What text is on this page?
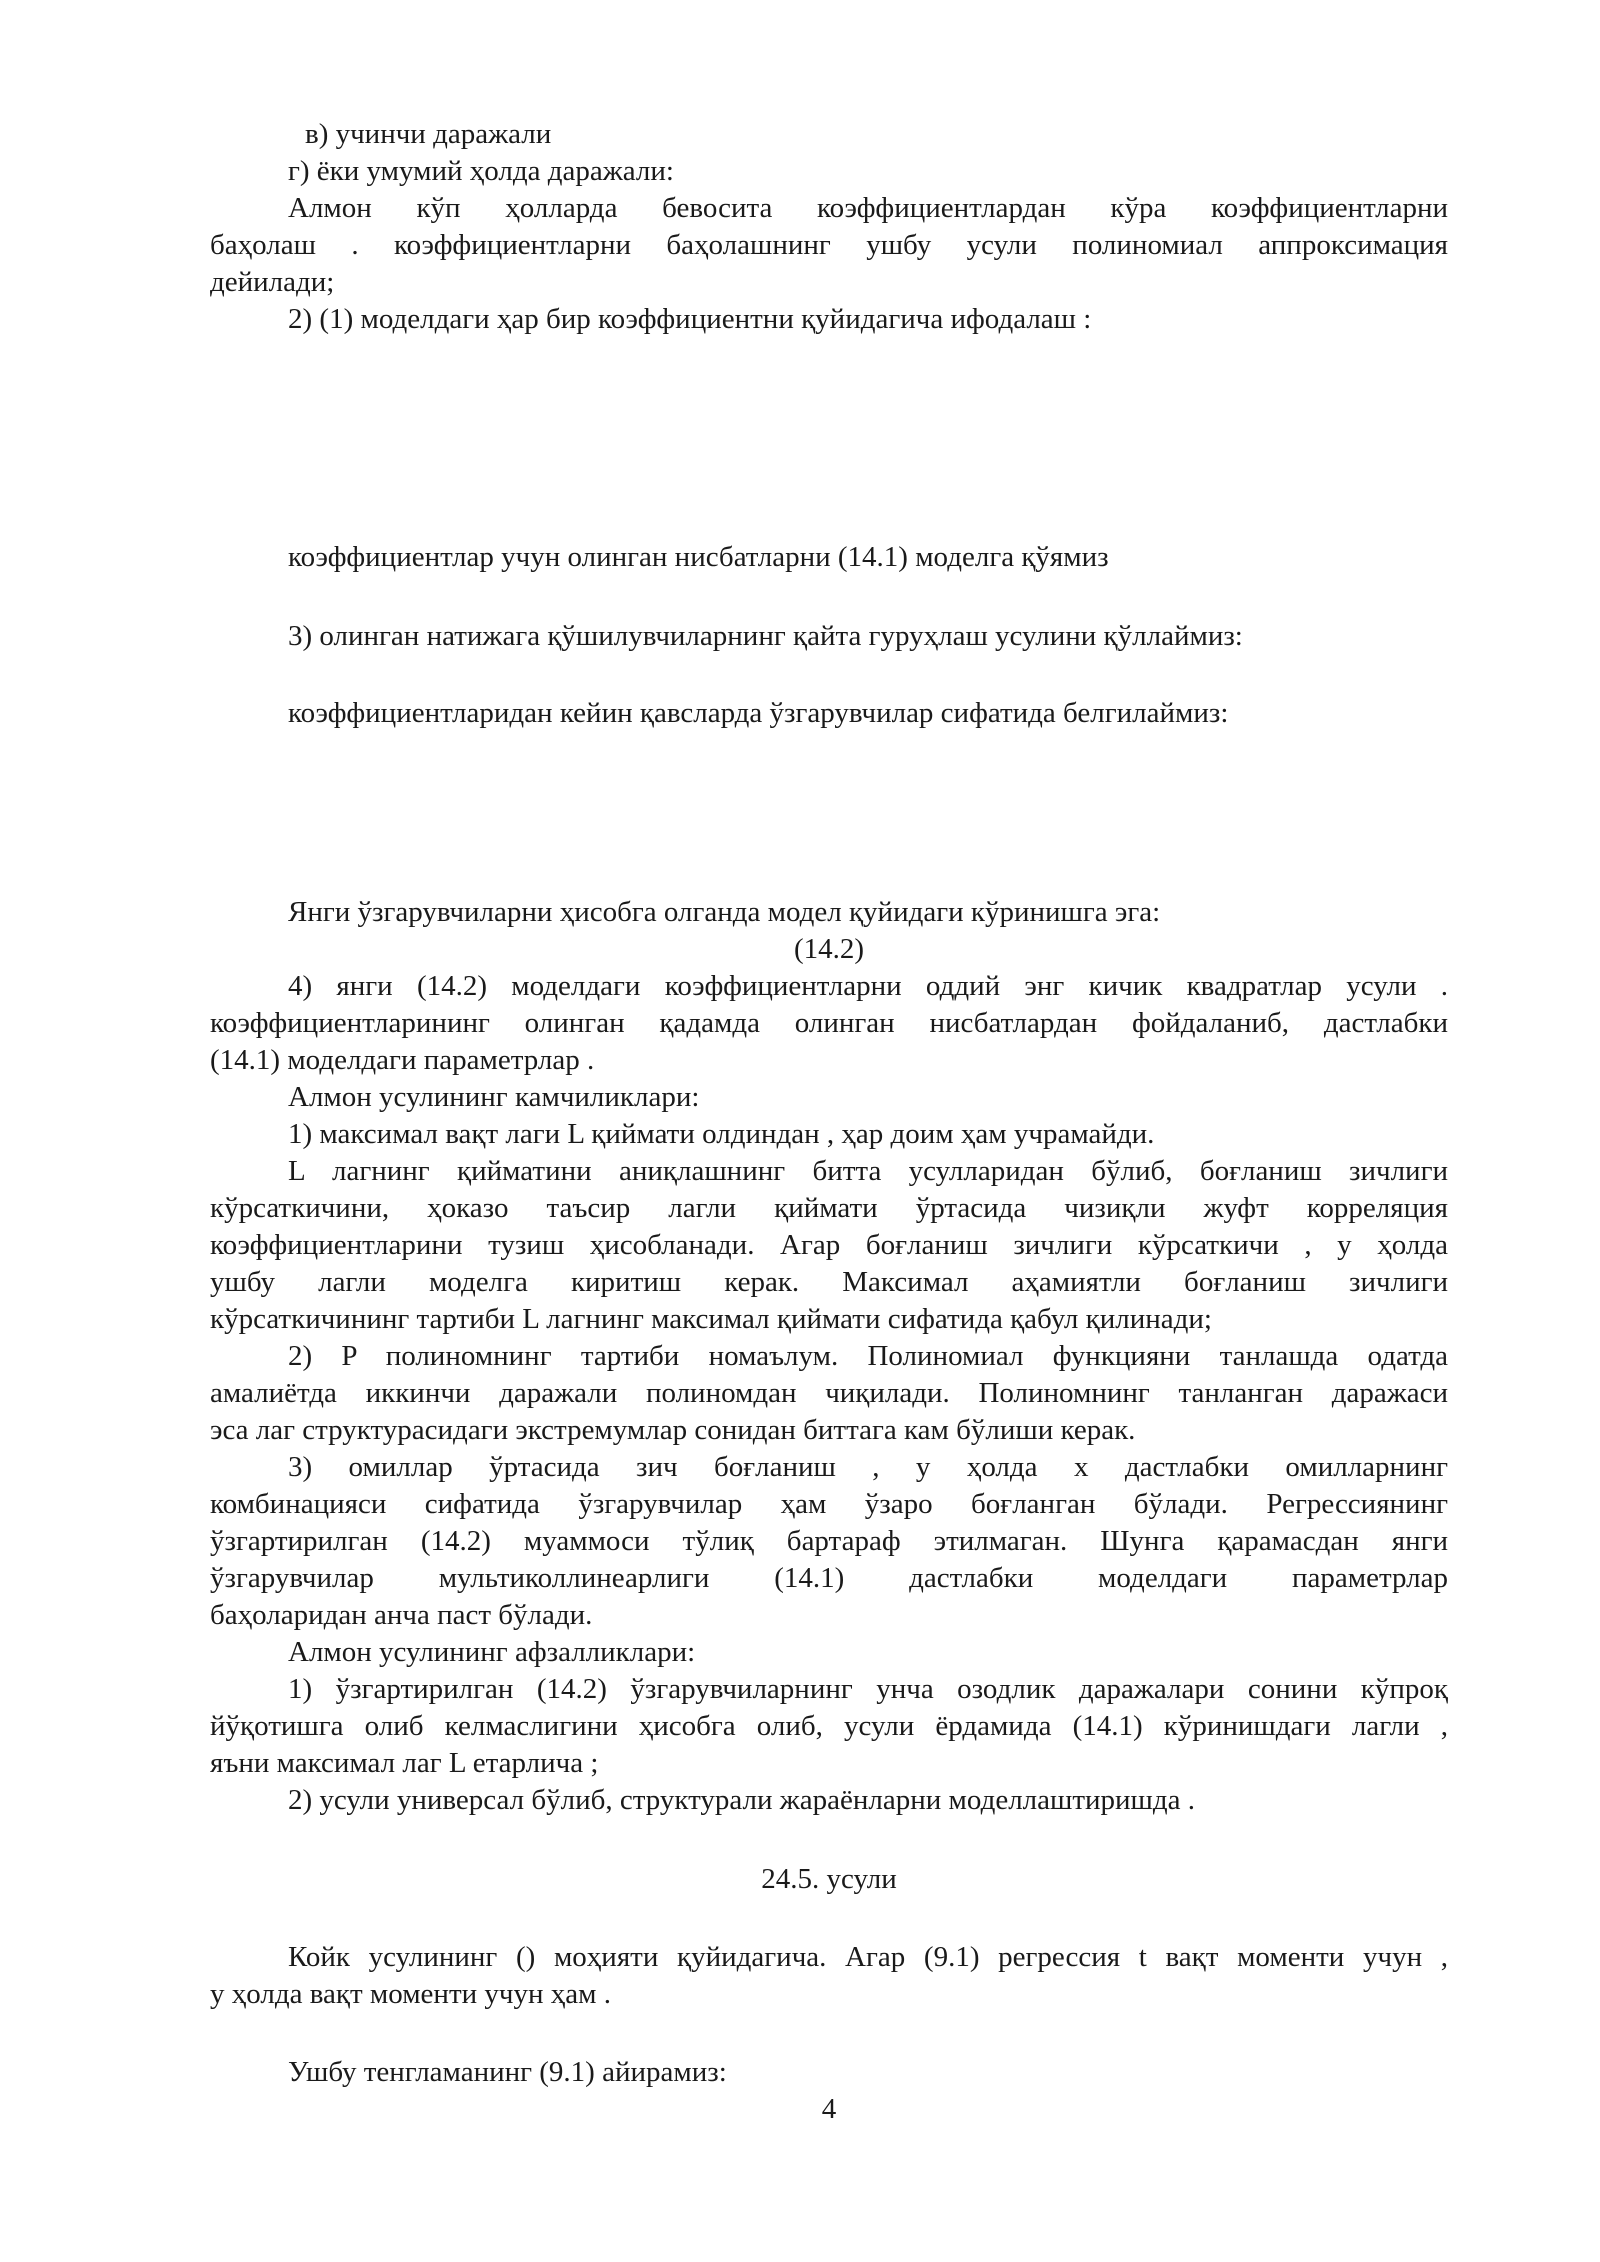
в) учинчи даражали
г) ёки умумий ҳолда даражали:
Алмон кўп ҳолларда бевосита коэффициентлардан кўра коэффициентларни
баҳолаш . коэффициентларни баҳолашнинг ушбу усули полиномиал аппроксимация
дейилади;
2) (1) моделдаги ҳар бир коэффициентни қуйидагича ифодалаш :
коэффициентлар учун олинган нисбатларни (14.1) моделга қўямиз
3) олинган натижага қўшилувчиларнинг қайта гуруҳлаш усулини қўллаймиз:
коэффициентларидан кейин қавсларда ўзгарувчилар сифатида белгилаймиз:
Янги ўзгарувчиларни ҳисобга олганда модел қуйидаги кўринишга эга:
(14.2)
4) янги (14.2) моделдаги коэффициентларни оддий энг кичик квадратлар усули .
коэффициентларининг олинган қадамда олинган нисбатлардан фойдаланиб, дастлабки
(14.1) моделдаги параметрлар .
Алмон усулининг камчиликлари:
1) максимал вақт лаги L қиймати олдиндан , ҳар доим ҳам учрамайди.
L лагнинг қийматини аниқлашнинг битта усулларидан бўлиб, боғланиш зичлиги
кўрсаткичини, ҳоказо таъсир лагли қиймати ўртасида чизиқли жуфт корреляция
коэффициентларини тузиш ҳисобланади. Агар боғланиш зичлиги кўрсаткичи , у ҳолда
ушбу лагли моделга киритиш керак. Максимал аҳамиятли боғланиш зичлиги
кўрсаткичининг тартиби L лагнинг максимал қиймати сифатида қабул қилинади;
2) P полиномнинг тартиби номаълум. Полиномиал функцияни танлашда одатда
амалиётда иккинчи даражали полиномдан чиқилади. Полиномнинг танланган даражаси
эса лаг структурасидаги экстремумлар сонидан биттага кам бўлиши керак.
3) омиллар ўртасида зич боғланиш , у ҳолда x дастлабки омилларнинг
комбинацияси сифатида ўзгарувчилар ҳам ўзаро боғланган бўлади. Регрессиянинг
ўзгартирилган (14.2) муаммоси тўлиқ бартараф этилмаган. Шунга қарамасдан янги
ўзгарувчилар мультиколлинеарлиги (14.1) дастлабки моделдаги параметрлар
баҳоларидан анча паст бўлади.
Алмон усулининг афзалликлари:
1) ўзгартирилган (14.2) ўзгарувчиларнинг унча озодлик даражалари сонини кўпроқ
йўқотишга олиб келмаслигини ҳисобга олиб, усули ёрдамида (14.1) кўринишдаги лагли ,
яъни максимал лаг L етарлича ;
2) усули универсал бўлиб, структурали жараёнларни моделлаштиришда .
24.5. усули
Койк усулининг () моҳияти қуйидагича. Агар (9.1) регрессия t вақт моменти учун ,
у ҳолда вақт моменти учун ҳам .
Ушбу тенгламанинг (9.1) айирамиз:
4
